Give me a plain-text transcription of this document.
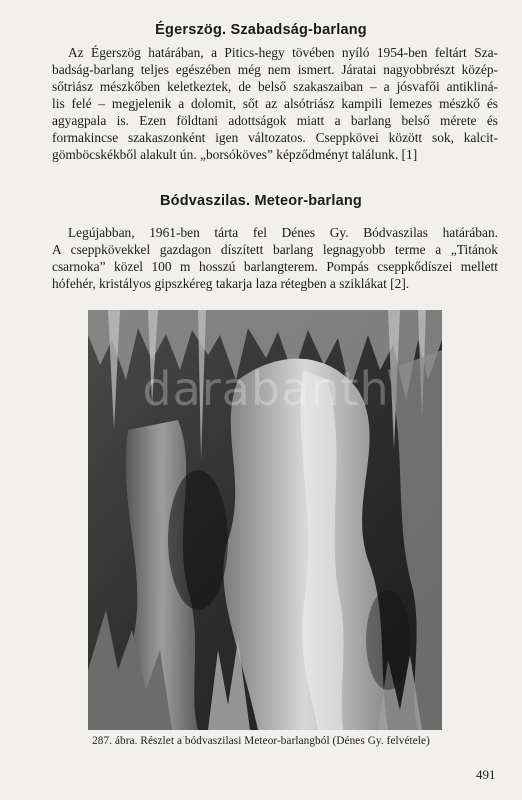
Égerszög. Szabadság-barlang
Az Égerszög határában, a Pitics-hegy tövében nyíló 1954-ben feltárt Sza-
badság-barlang teljes egészében még nem ismert. Járatai nagyobbrészt közép-
sőtriász mészkőben keletkeztek, de belső szakaszaiban – a jósvafői antikliná-
lis felé – megjelenik a dolomit, sőt az alsótriász kampili lemezes mészkő és
agyagpala is. Ezen földtani adottságok miatt a barlang belső mérete és
formakincse szakaszonként igen változatos. Cseppkövei között sok, kalcit-
gömböcskékből alakult ún. „borsóköves” képződményt találunk. [1]
Bódvaszilas. Meteor-barlang
Legújabban, 1961-ben tárta fel Dénes Gy. Bódvaszilas határában.
A cseppkövekkel gazdagon díszített barlang legnagyobb terme a „Titánok
csarnoka” közel 100 m hosszú barlangterem. Pompás cseppkődíszei mellett
hófehér, kristályos gipszkéreg takarja laza rétegben a sziklákat [2].
darabanth
287. ábra. Részlet a bódvaszilasi Meteor-barlangból (Dénes Gy. felvétele)
491
